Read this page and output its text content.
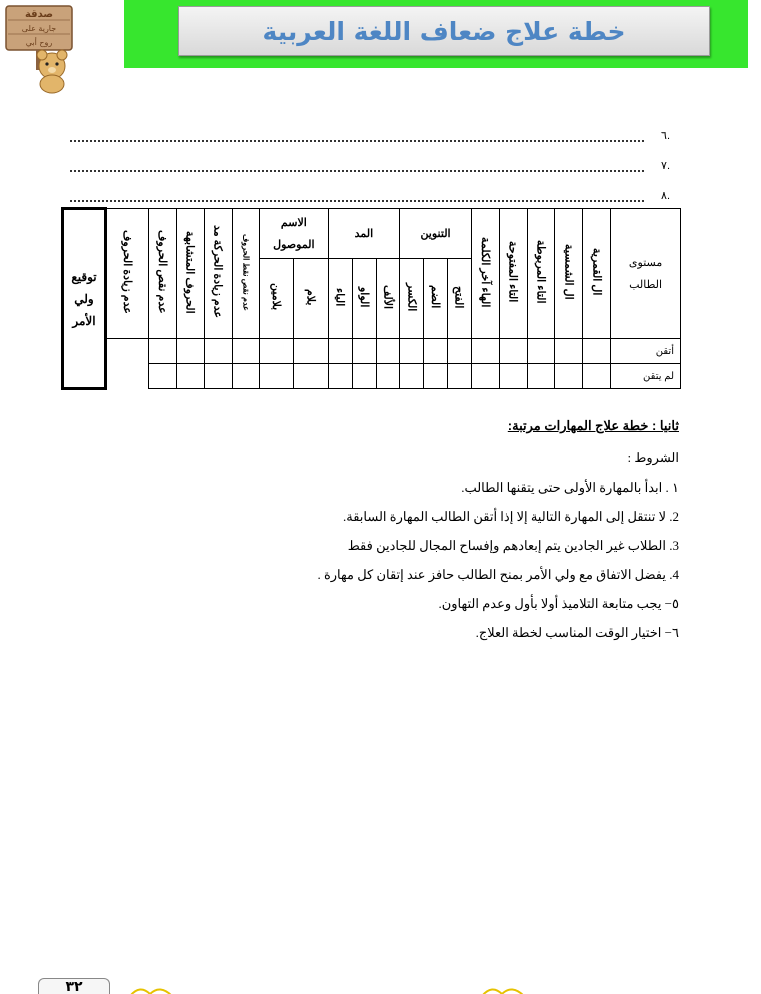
خطة علاج ضعاف اللغة العربية
صدقة
جارية على
روح أبي
.٦
.٧
.٨
مستوى الطالب	ال القمرية	ال الشمسية	التاء المربوطة	التاء المفتوحة	الهاء آخر الكلمة	التنوين			المد			الاسم الموصول		عدم نقص نقط الحروف	عدم زيادة الحركة مد	الحروف المتشابهة	عدم نقص الحروف	عدم زيادة الحروف	توقيع ولي الأمر
						الفتح	الضم	الكسر	الألف	الواو	الياء	بلام	بلامين						
أتقن																			
لم يتقن																			
ثانيا : خطة علاج المهارات مرتبة:
الشروط :
١ . ابدأ بالمهارة الأولى حتى يتقنها الطالب.
2. لا تنتقل إلى المهارة التالية إلا إذا أتقن الطالب المهارة السابقة.
3. الطلاب غير الجادين يتم إبعادهم وإفساح المجال للجادين فقط
4. يفضل الاتفاق مع ولي الأمر بمنح الطالب حافز عند إتقان كل مهارة .
٥− يجب متابعة التلاميذ أولا بأول وعدم التهاون.
٦− اختيار الوقت المناسب لخطة العلاج.
٣٢
